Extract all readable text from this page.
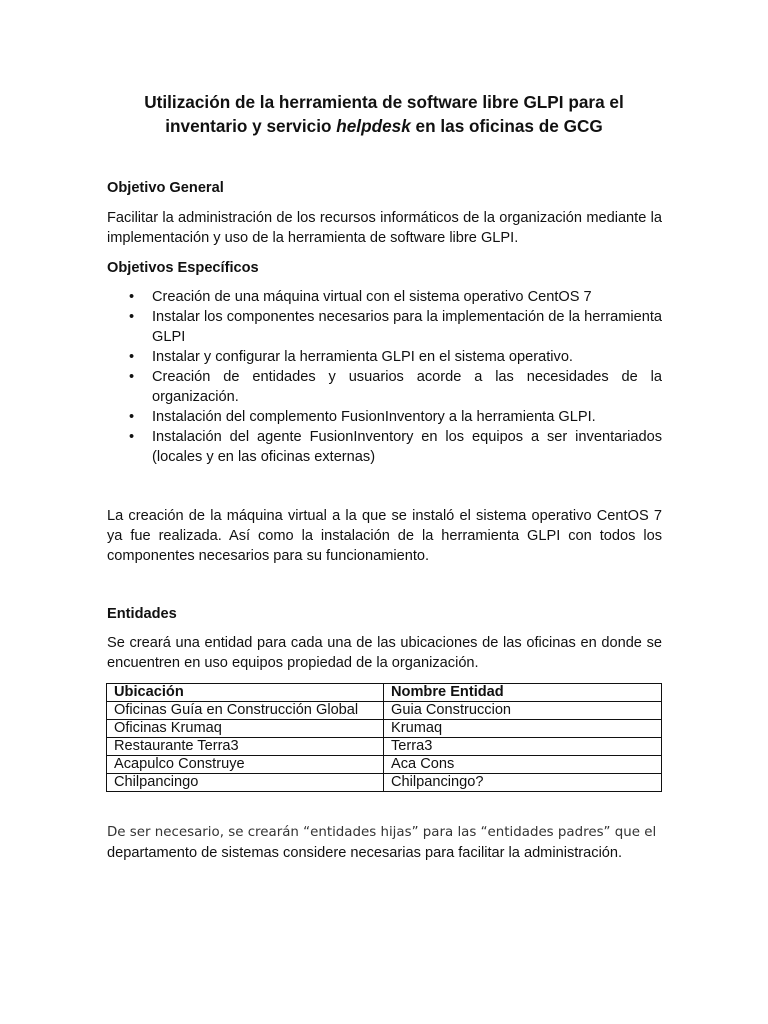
Utilización de la herramienta de software libre GLPI para el inventario y servicio helpdesk en las oficinas de GCG
Objetivo General
Facilitar la administración de los recursos informáticos de la organización mediante la implementación y uso de la herramienta de software libre GLPI.
Objetivos Específicos
• Creación de una máquina virtual con el sistema operativo CentOS 7
• Instalar los componentes necesarios para la implementación de la herramienta GLPI
• Instalar y configurar la herramienta GLPI en el sistema operativo.
• Creación de entidades y usuarios acorde a las necesidades de la organización.
• Instalación del complemento FusionInventory a la herramienta GLPI.
• Instalación del agente FusionInventory en los equipos a ser inventariados (locales y en las oficinas externas)
La creación de la máquina virtual a la que se instaló el sistema operativo CentOS 7 ya fue realizada. Así como la instalación de la herramienta GLPI con todos los componentes necesarios para su funcionamiento.
Entidades
Se creará una entidad para cada una de las ubicaciones de las oficinas en donde se encuentren en uso equipos propiedad de la organización.
Ubicación	Nombre Entidad
Oficinas Guía en Construcción Global	Guia Construccion
Oficinas Krumaq	Krumaq
Restaurante Terra3	Terra3
Acapulco Construye	Aca Cons
Chilpancingo	Chilpancingo?
De ser necesario, se crearán “entidades hijas” para las “entidades padres” que el
departamento de sistemas considere necesarias para facilitar la administración.
